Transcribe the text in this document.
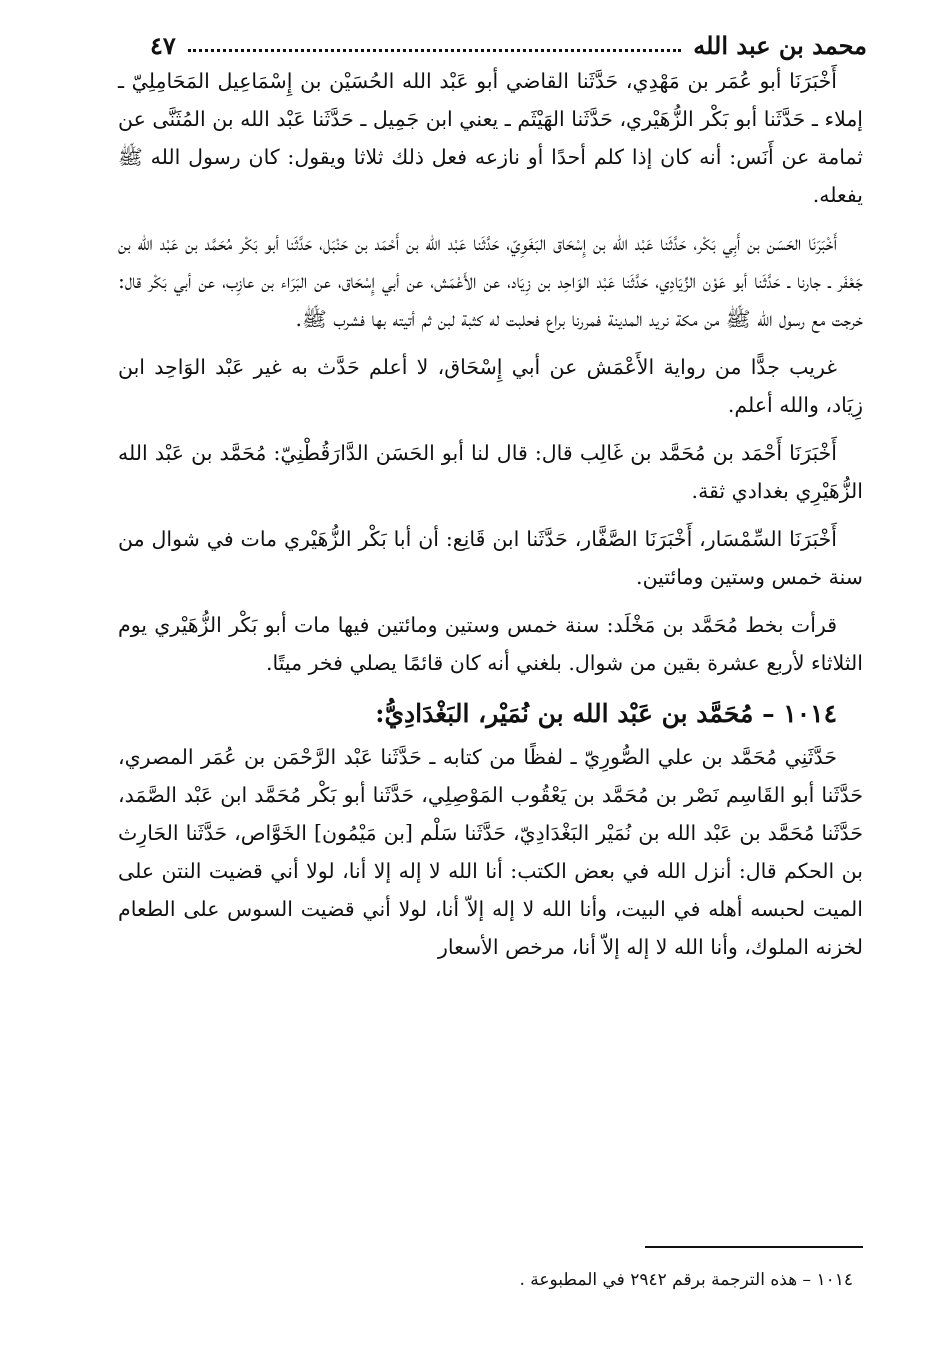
محمد بن عبد الله
٤٧

أَخْبَرَنَا أبو عُمَر بن مَهْدِي، حَدَّثَنا القاضي أبو عَبْد الله الحُسَيْن بن إِسْمَاعِيل المَحَامِلِيّ ـ إملاء ـ حَدَّثَنا أبو بَكْر الزُّهَيْري، حَدَّثَنا الهَيْثَم ـ يعني ابن جَمِيل ـ حَدَّثَنا عَبْد الله بن المُثَنَّى عن ثمامة عن أَنَس: أنه كان إذا كلم أحدًا أو نازعه فعل ذلك ثلاثا ويقول: كان رسول الله ﷺ يفعله.

أَخْبَرَنَا الحَسَن بن أَبِي بَكْر، حَدَّثَنا عَبْد الله بن إِسْحَاق البَغَوِيّ، حَدَّثَنا عَبْد الله بن أَحْمَد بن حَنْبَل، حَدَّثَنا أبو بَكْر مُحَمَّد بن عَبْد الله بن جَعْفَر ـ جارنا ـ حَدَّثَنا أبو عَوْن الزِّيَادِي، حَدَّثَنا عَبْد الوَاحِد بن زِيَاد، عن الأَعْمَش، عن أبي إِسْحَاق، عن البَرَاء بن عازِب، عن أبي بَكْر قال: خرجت مع رسول الله ﷺ من مكة نريد المدينة فمررنا براع فحلبت له كثبة لبن ثم أتيته بها فشرب ﷺ.

غريب جدًّا من رواية الأَعْمَش عن أبي إِسْحَاق، لا أعلم حَدَّث به غير عَبْد الوَاحِد ابن زِيَاد، والله أعلم.

أَخْبَرَنَا أَحْمَد بن مُحَمَّد بن غَالِب قال: قال لنا أبو الحَسَن الدَّارَقُطْنِيّ: مُحَمَّد بن عَبْد الله الزُّهَيْرِي بغدادي ثقة.

أَخْبَرَنَا السِّمْسَار، أَخْبَرَنَا الصَّفَّار، حَدَّثَنا ابن قَانِع: أن أبا بَكْر الزُّهَيْري مات في شوال من سنة خمس وستين ومائتين.

قرأت بخط مُحَمَّد بن مَخْلَد: سنة خمس وستين ومائتين فيها مات أبو بَكْر الزُّهَيْري يوم الثلاثاء لأربع عشرة بقين من شوال. بلغني أنه كان قائمًا يصلي فخر ميتًا.

١٠١٤ – مُحَمَّد بن عَبْد الله بن نُمَيْر، البَغْدَادِيُّ:

حَدَّثَنِي مُحَمَّد بن علي الصُّورِيّ ـ لفظًا من كتابه ـ حَدَّثَنا عَبْد الرَّحْمَن بن عُمَر المصري، حَدَّثَنا أبو القَاسِم نَصْر بن مُحَمَّد بن يَعْقُوب المَوْصِلِي، حَدَّثَنا أبو بَكْر مُحَمَّد ابن عَبْد الصَّمَد، حَدَّثَنا مُحَمَّد بن عَبْد الله بن نُمَيْر البَغْدَادِيّ، حَدَّثَنا سَلْم [بن مَيْمُون] الخَوَّاص، حَدَّثَنا الحَارِث بن الحكم قال: أنزل الله في بعض الكتب: أنا الله لا إله إلا أنا، لولا أني قضيت النتن على الميت لحبسه أهله في البيت، وأنا الله لا إله إلاّ أنا، لولا أني قضيت السوس على الطعام لخزنه الملوك، وأنا الله لا إله إلاّ أنا، مرخص الأسعار

١٠١٤ – هذه الترجمة برقم ٢٩٤٢ في المطبوعة .
